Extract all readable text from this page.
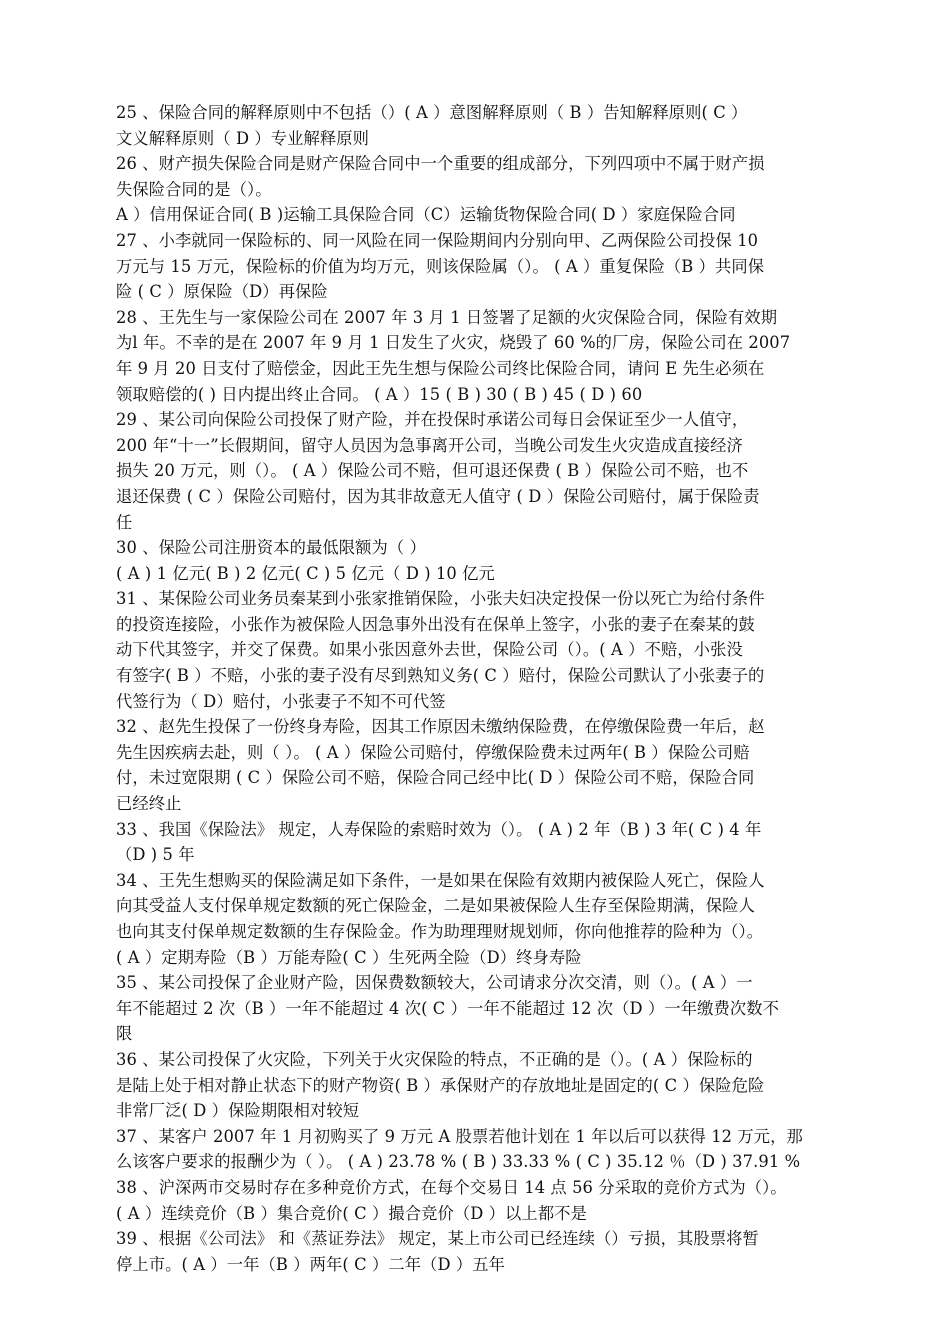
25 、保险合同的解释原则中不包括（）( A ）意图解释原则（ B ）告知解释原则( C ）
文义解释原则（ D ）专业解释原则
26 、财产损失保险合同是财产保险合同中一个重要的组成部分，下列四项中不属于财产损
失保险合同的是（）。
A ）信用保证合同( B )运输工具保险合同（C）运输货物保险合同( D ）家庭保险合同
27 、小李就同一保险标的、同一风险在同一保险期间内分别向甲、乙两保险公司投保 10
万元与 15 万元，保险标的价值为均万元，则该保险属（）。 ( A ）重复保险（B ）共同保
险 ( C ）原保险（D）再保险
28 、王先生与一家保险公司在 2007 年 3 月 1 日签署了足额的火灾保险合同，保险有效期
为l 年。不幸的是在 2007 年 9 月 1 日发生了火灾，烧毁了 60 %的厂房，保险公司在 2007
年 9 月 20 日支付了赔偿金，因此王先生想与保险公司终比保险合同，请问 E 先生必须在
领取赔偿的( ) 日内提出终止合同。 ( A ）15 ( B ) 30 ( B ) 45 ( D ) 60
29 、某公司向保险公司投保了财产险，并在投保时承诺公司每日会保证至少一人值守，
200 年“十一”长假期间，留守人员因为急事离开公司，当晚公司发生火灾造成直接经济
损失 20 万元，则（）。 ( A ）保险公司不赔，但可退还保费 ( B ）保险公司不赔，也不
退还保费 ( C ）保险公司赔付，因为其非故意无人值守 ( D ）保险公司赔付，属于保险责
任
30 、保险公司注册资本的最低限额为（ ）
( A ) 1 亿元( B ) 2 亿元( C ) 5 亿元（ D ) 10 亿元
31 、某保险公司业务员秦某到小张家推销保险，小张夫妇决定投保一份以死亡为给付条件
的投资连接险，小张作为被保险人因急事外出没有在保单上签字，小张的妻子在秦某的鼓
动下代其签字，并交了保费。如果小张因意外去世，保险公司（）。( A ）不赔，小张没
有签字( B ）不赔，小张的妻子没有尽到熟知义务( C ）赔付，保险公司默认了小张妻子的
代签行为（ D）赔付，小张妻子不知不可代签
32 、赵先生投保了一份终身寿险，因其工作原因未缴纳保险费，在停缴保险费一年后，赵
先生因疾病去赴，则（ ）。 ( A ）保险公司赔付，停缴保险费未过两年( B ）保险公司赔
付，未过宽限期 ( C ）保险公司不赔，保险合同己经中比( D ）保险公司不赔，保险合同
已经终止
33 、我国《保险法》 规定，人寿保险的索赔时效为（）。 ( A ) 2 年（B ) 3 年( C ) 4 年
（D ) 5 年
34 、王先生想购买的保险满足如下条件，一是如果在保险有效期内被保险人死亡，保险人
向其受益人支付保单规定数额的死亡保险金，二是如果被保险人生存至保险期满，保险人
也向其支付保单规定数额的生存保险金。作为助理理财规划师，你向他推荐的险种为（）。
( A ）定期寿险（B ）万能寿险( C ）生死两全险（D）终身寿险
35 、某公司投保了企业财产险，因保费数额较大，公司请求分次交清，则（）。( A ）一
年不能超过 2 次（B ）一年不能超过 4 次( C ）一年不能超过 12 次（D ）一年缴费次数不
限
36 、某公司投保了火灾险，下列关于火灾保险的特点，不正确的是（）。( A ）保险标的
是陆上处于相对静止状态下的财产物资( B ）承保财产的存放地址是固定的( C ）保险危险
非常厂泛( D ）保险期限相对较短
37 、某客户 2007 年 1 月初购买了 9 万元 A 股票若他计划在 1 年以后可以获得 12 万元，那
么该客户要求的报酬少为（ ）。 ( A ) 23.78 % ( B ) 33.33 % ( C ) 35.12 ％（D ) 37.91 %
38 、沪深两市交易时存在多种竞价方式，在每个交易日 14 点 56 分采取的竞价方式为（）。
( A ）连续竞价（B ）集合竞价( C ）撮合竞价（D ）以上都不是
39 、根据《公司法》 和《蒸证券法》 规定，某上市公司已经连续（）亏损，其股票将暂
停上市。( A ）一年（B ）两年( C ）二年（D ）五年
